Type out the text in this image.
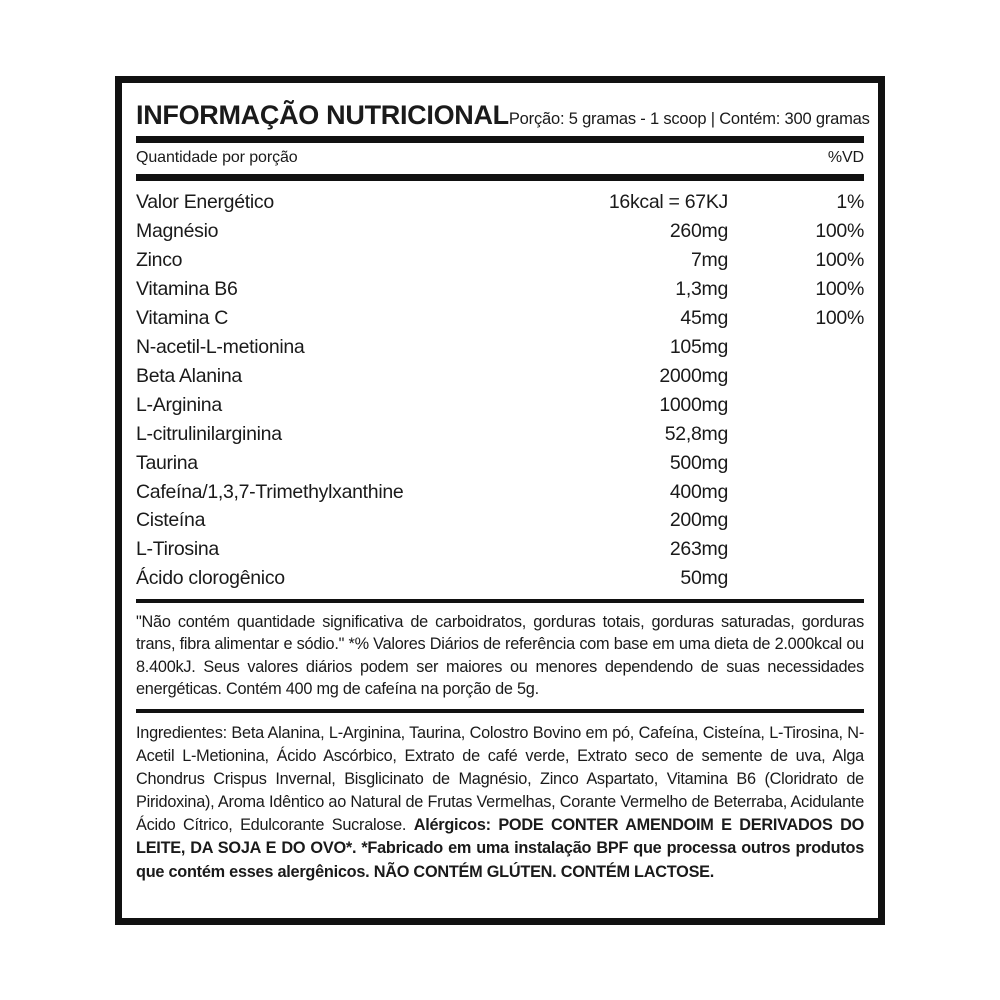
INFORMAÇÃO NUTRICIONAL Porção: 5 gramas - 1 scoop | Contém: 300 gramas
Quantidade por porção	%VD
Valor Energético	16kcal = 67KJ	1%
Magnésio	260mg	100%
Zinco	7mg	100%
Vitamina B6	1,3mg	100%
Vitamina C	45mg	100%
N-acetil-L-metionina	105mg	
Beta Alanina	2000mg	
L-Arginina	1000mg	
L-citrulinilarginina	52,8mg	
Taurina	500mg	
Cafeína/1,3,7-Trimethylxanthine	400mg	
Cisteína	200mg	
L-Tirosina	263mg	
Ácido clorogênico	50mg	
"Não contém quantidade significativa de carboidratos, gorduras totais, gorduras saturadas, gorduras trans, fibra alimentar e sódio." *% Valores Diários de referência com base em uma dieta de 2.000kcal ou 8.400kJ. Seus valores diários podem ser maiores ou menores dependendo de suas necessidades energéticas. Contém 400 mg de cafeína na porção de 5g.
Ingredientes: Beta Alanina, L-Arginina, Taurina, Colostro Bovino em pó, Cafeína, Cisteína, L-Tirosina, N-Acetil L-Metionina, Ácido Ascórbico, Extrato de café verde, Extrato seco de semente de uva, Alga Chondrus Crispus Invernal, Bisglicinato de Magnésio, Zinco Aspartato, Vitamina B6 (Cloridrato de Piridoxina), Aroma Idêntico ao Natural de Frutas Vermelhas, Corante Vermelho de Beterraba, Acidulante Ácido Cítrico, Edulcorante Sucralose. Alérgicos: PODE CONTER AMENDOIM E DERIVADOS DO LEITE, DA SOJA E DO OVO*. *Fabricado em uma instalação BPF que processa outros produtos que contém esses alergênicos. NÃO CONTÉM GLÚTEN. CONTÉM LACTOSE.
